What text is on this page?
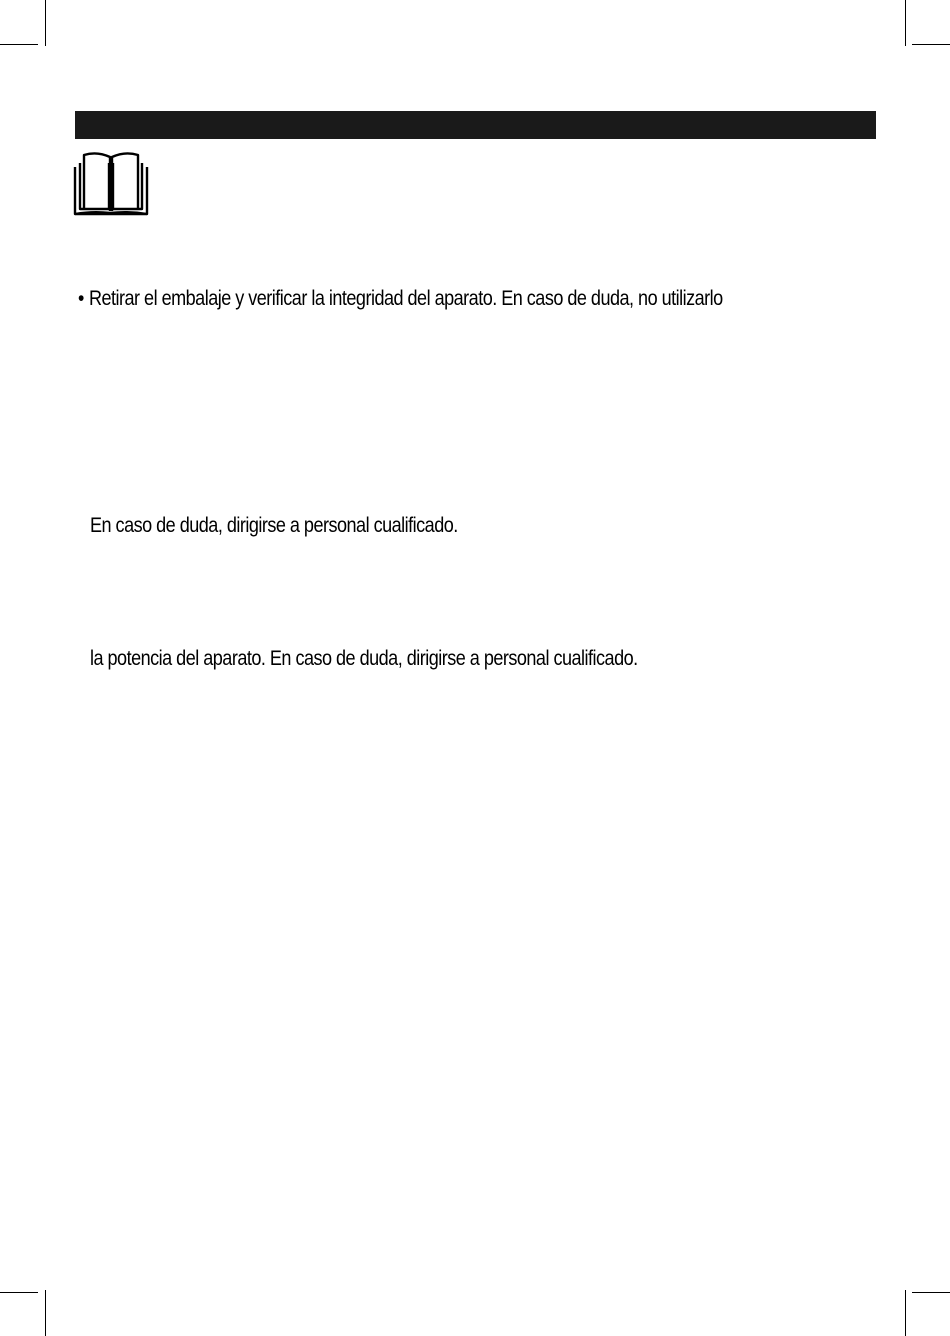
• Retirar el embalaje y verificar la integridad del aparato. En caso de duda, no utilizarlo
En caso de duda, dirigirse a personal cualificado.
la potencia del aparato. En caso de duda, dirigirse a personal cualificado.
